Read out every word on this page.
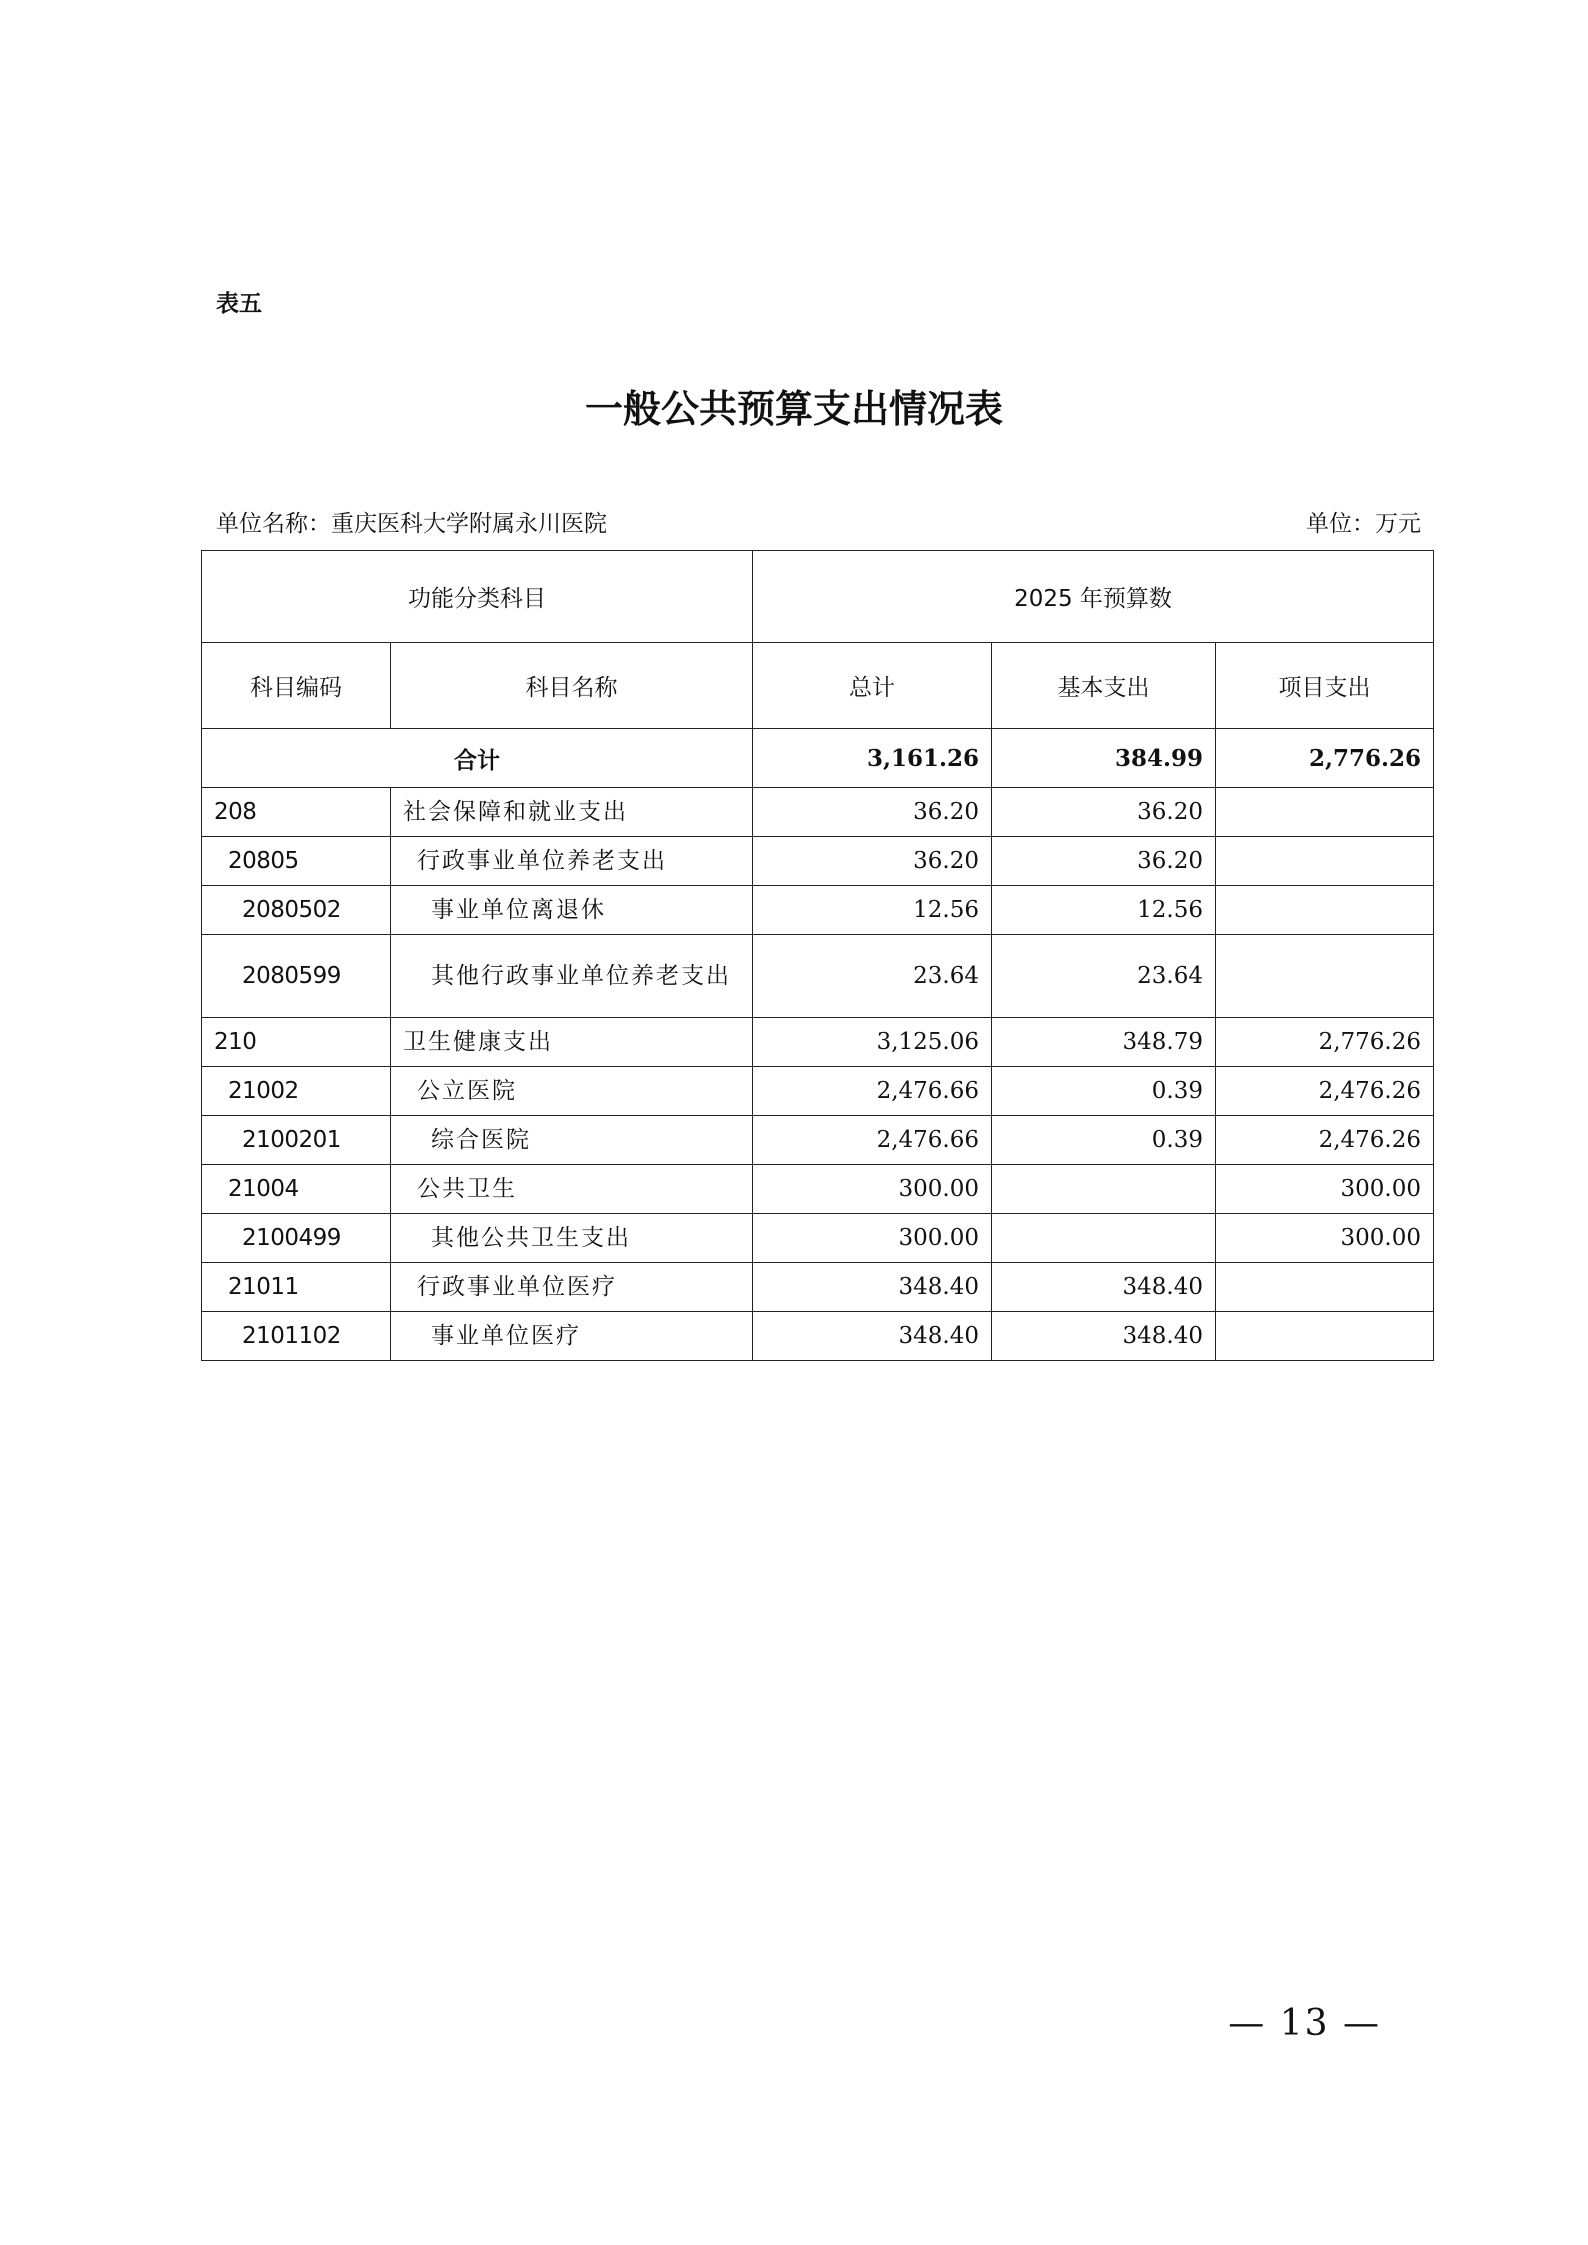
表五
一般公共预算支出情况表
单位名称：重庆医科大学附属永川医院	单位：万元
功能分类科目		2025 年预算数		
科目编码	科目名称	总计	基本支出	项目支出
合计		3,161.26	384.99	2,776.26
208	社会保障和就业支出	36.20	36.20	
20805	行政事业单位养老支出	36.20	36.20	
2080502	事业单位离退休	12.56	12.56	
2080599	其他行政事业单位养老支出	23.64	23.64	
210	卫生健康支出	3,125.06	348.79	2,776.26
21002	公立医院	2,476.66	0.39	2,476.26
2100201	综合医院	2,476.66	0.39	2,476.26
21004	公共卫生	300.00		300.00
2100499	其他公共卫生支出	300.00		300.00
21011	行政事业单位医疗	348.40	348.40	
2101102	事业单位医疗	348.40	348.40	
— 13 —
